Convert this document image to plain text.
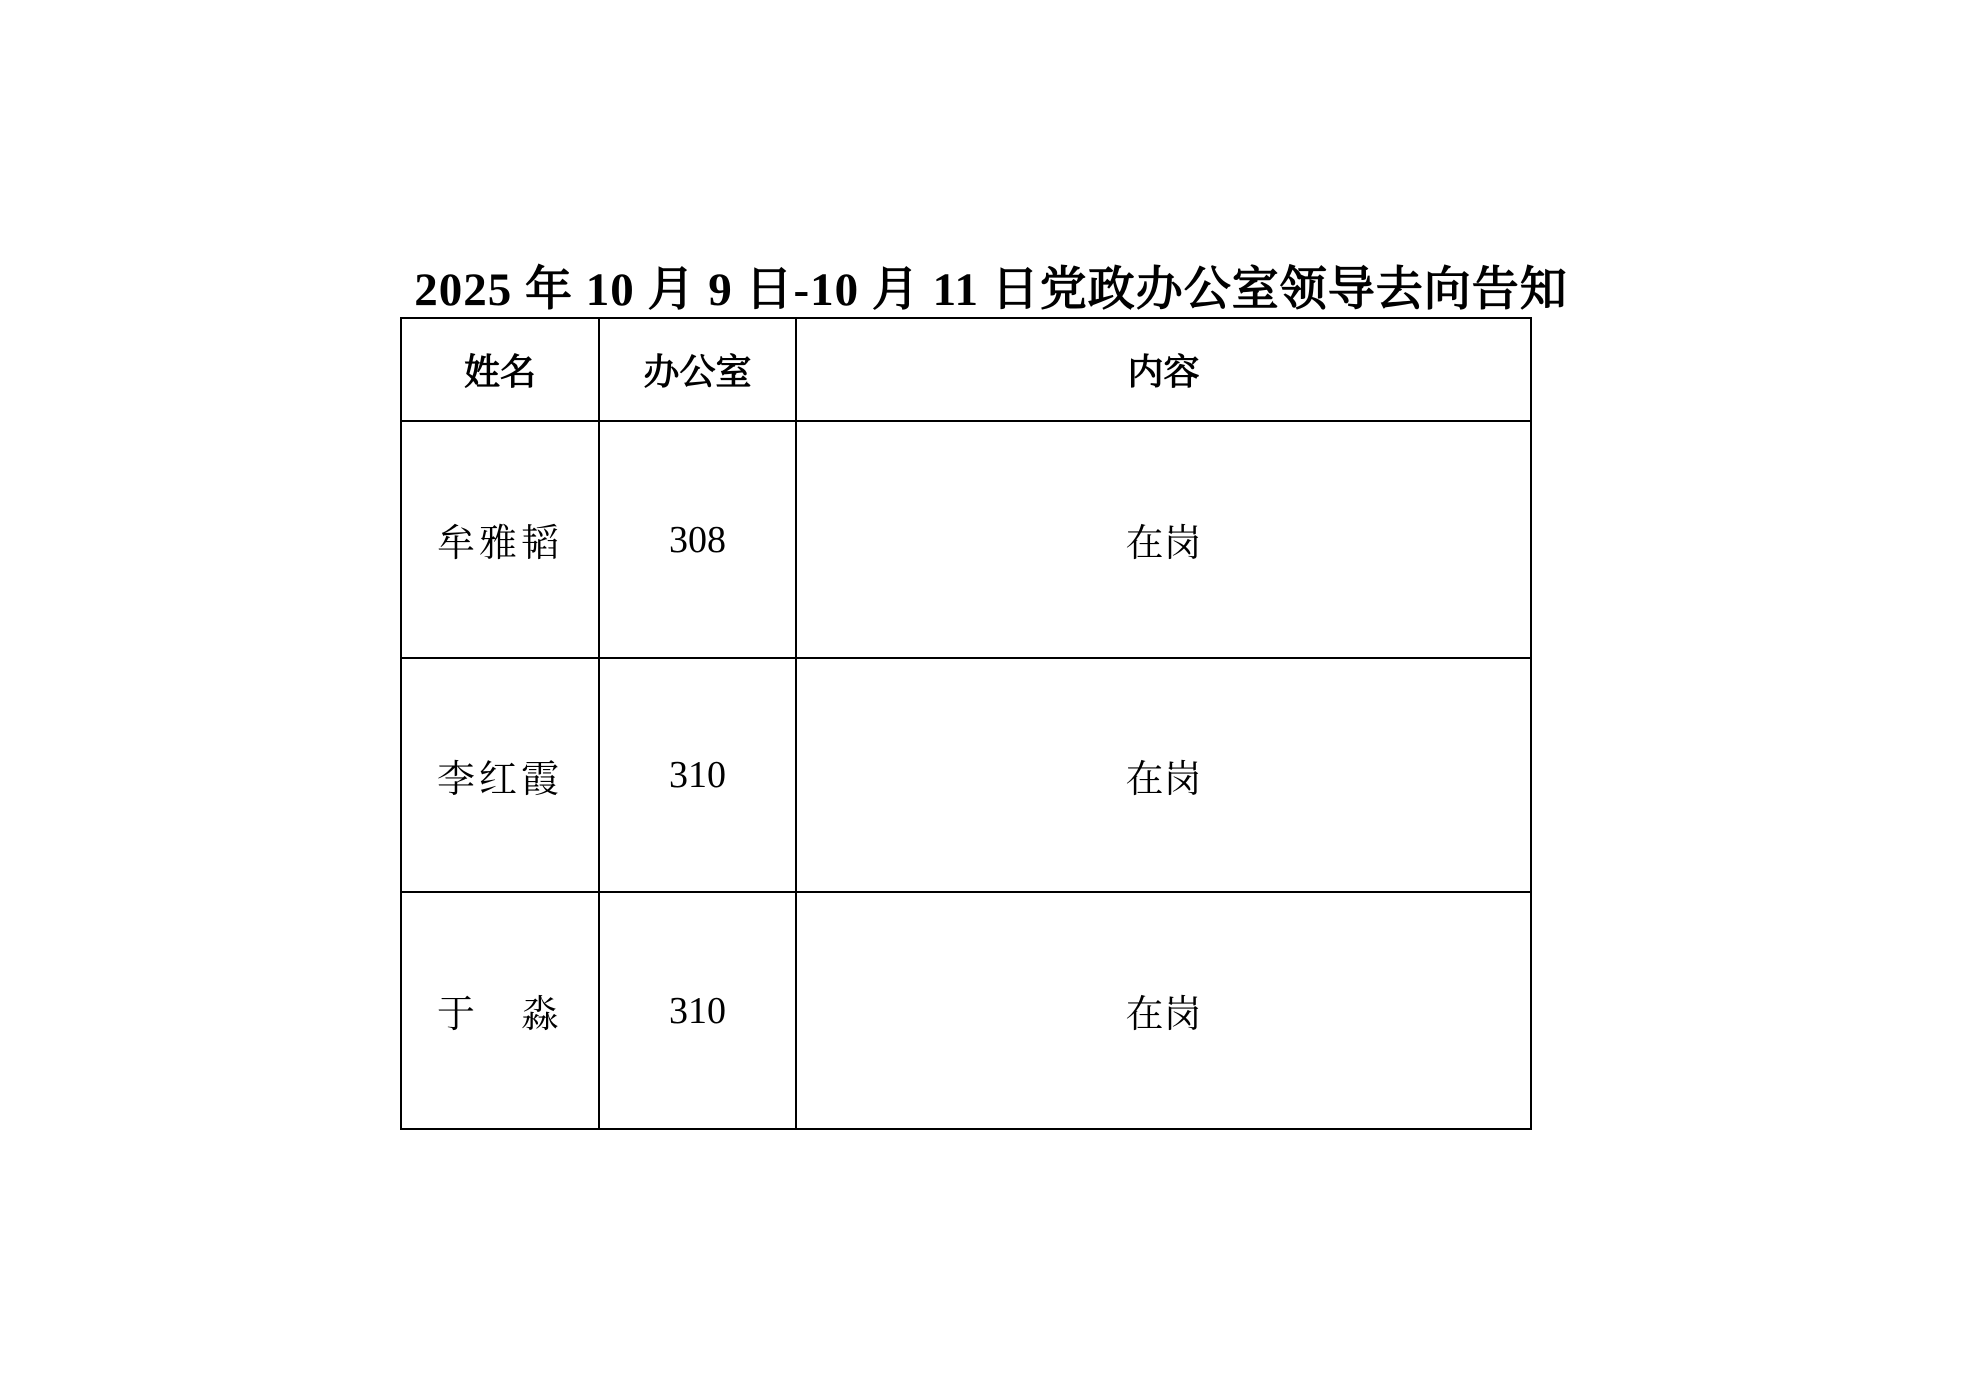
2025 年 10 月 9 日-10 月 11 日党政办公室领导去向告知
姓名	办公室	内容
牟雅韬	308	在岗
李红霞	310	在岗
于　淼	310	在岗
